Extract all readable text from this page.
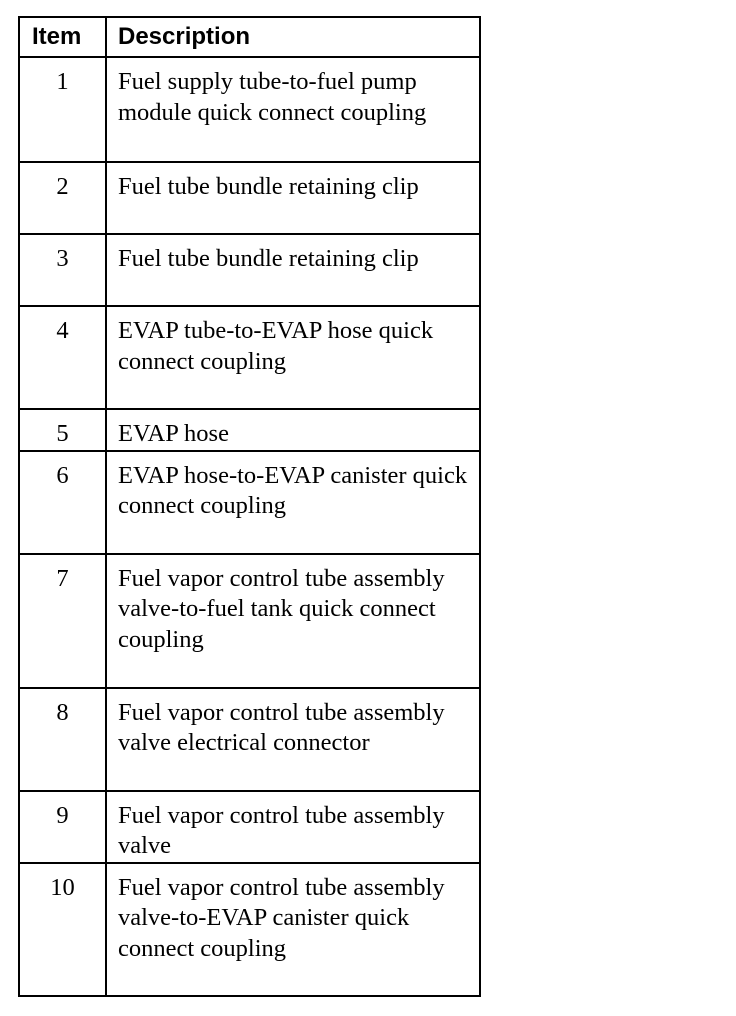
Item	Description
1	Fuel supply tube-to-fuel pump module quick connect coupling
2	Fuel tube bundle retaining clip
3	Fuel tube bundle retaining clip
4	EVAP tube-to-EVAP hose quick connect coupling
5	EVAP hose
6	EVAP hose-to-EVAP canister quick connect coupling
7	Fuel vapor control tube assembly valve-to-fuel tank quick connect coupling
8	Fuel vapor control tube assembly valve electrical connector
9	Fuel vapor control tube assembly valve
10	Fuel vapor control tube assembly valve-to-EVAP canister quick connect coupling
